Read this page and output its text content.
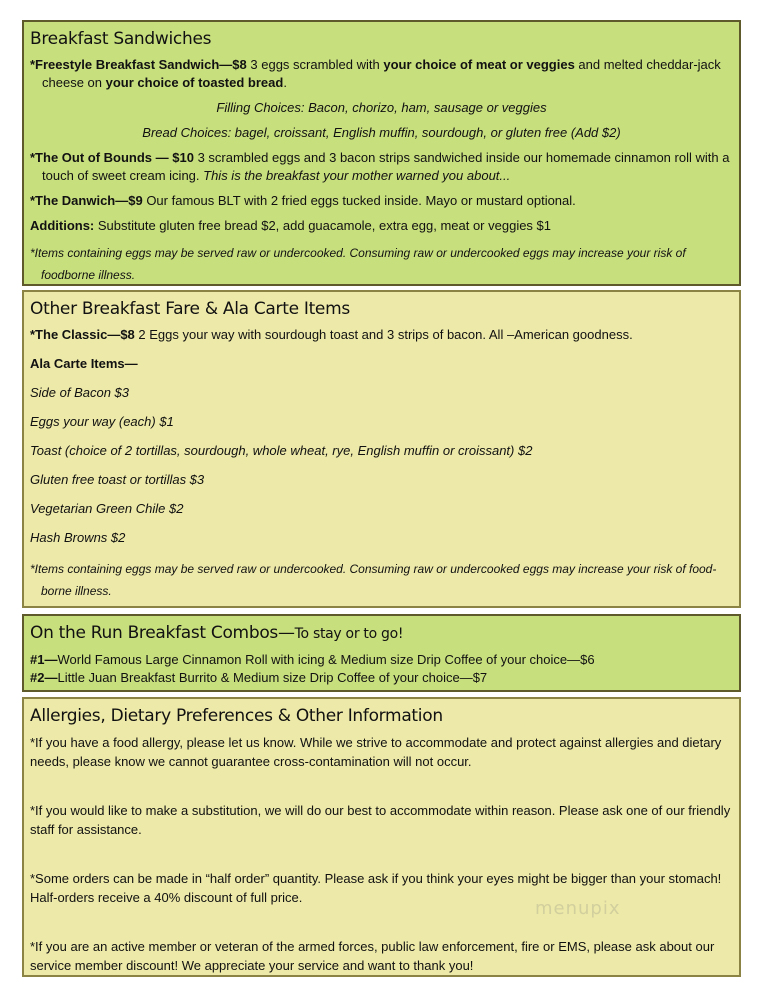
Breakfast Sandwiches

*Freestyle Breakfast Sandwich—$8 3 eggs scrambled with your choice of meat or veggies and melted cheddar-jack cheese on your choice of toasted bread.

Filling Choices: Bacon, chorizo, ham, sausage or veggies

Bread Choices: bagel, croissant, English muffin, sourdough, or gluten free (Add $2)

*The Out of Bounds — $10 3 scrambled eggs and 3 bacon strips sandwiched inside our homemade cinnamon roll with a touch of sweet cream icing. This is the breakfast your mother warned you about...

*The Danwich—$9 Our famous BLT with 2 fried eggs tucked inside. Mayo or mustard optional.

Additions: Substitute gluten free bread $2, add guacamole, extra egg, meat or veggies $1

*Items containing eggs may be served raw or undercooked. Consuming raw or undercooked eggs may increase your risk of foodborne illness.

Other Breakfast Fare & Ala Carte Items

*The Classic—$8 2 Eggs your way with sourdough toast and 3 strips of bacon. All –American goodness.

Ala Carte Items—

Side of Bacon $3

Eggs your way (each) $1

Toast (choice of 2 tortillas, sourdough, whole wheat, rye, English muffin or croissant) $2

Gluten free toast or tortillas $3

Vegetarian Green Chile $2

Hash Browns $2

*Items containing eggs may be served raw or undercooked. Consuming raw or undercooked eggs may increase your risk of food-borne illness.

On the Run Breakfast Combos—To stay or to go!

#1—World Famous Large Cinnamon Roll with icing & Medium size Drip Coffee of your choice—$6

#2—Little Juan Breakfast Burrito & Medium size Drip Coffee of your choice—$7

Allergies, Dietary Preferences & Other Information

*If you have a food allergy, please let us know. While we strive to accommodate and protect against allergies and dietary needs, please know we cannot guarantee cross-contamination will not occur.

*If you would like to make a substitution, we will do our best to accommodate within reason. Please ask one of our friendly staff for assistance.

*Some orders can be made in “half order” quantity. Please ask if you think your eyes might be bigger than your stomach! Half-orders receive a 40% discount of full price.

*If you are an active member or veteran of the armed forces, public law enforcement, fire or EMS, please ask about our service member discount! We appreciate your service and want to thank you!

menupix
